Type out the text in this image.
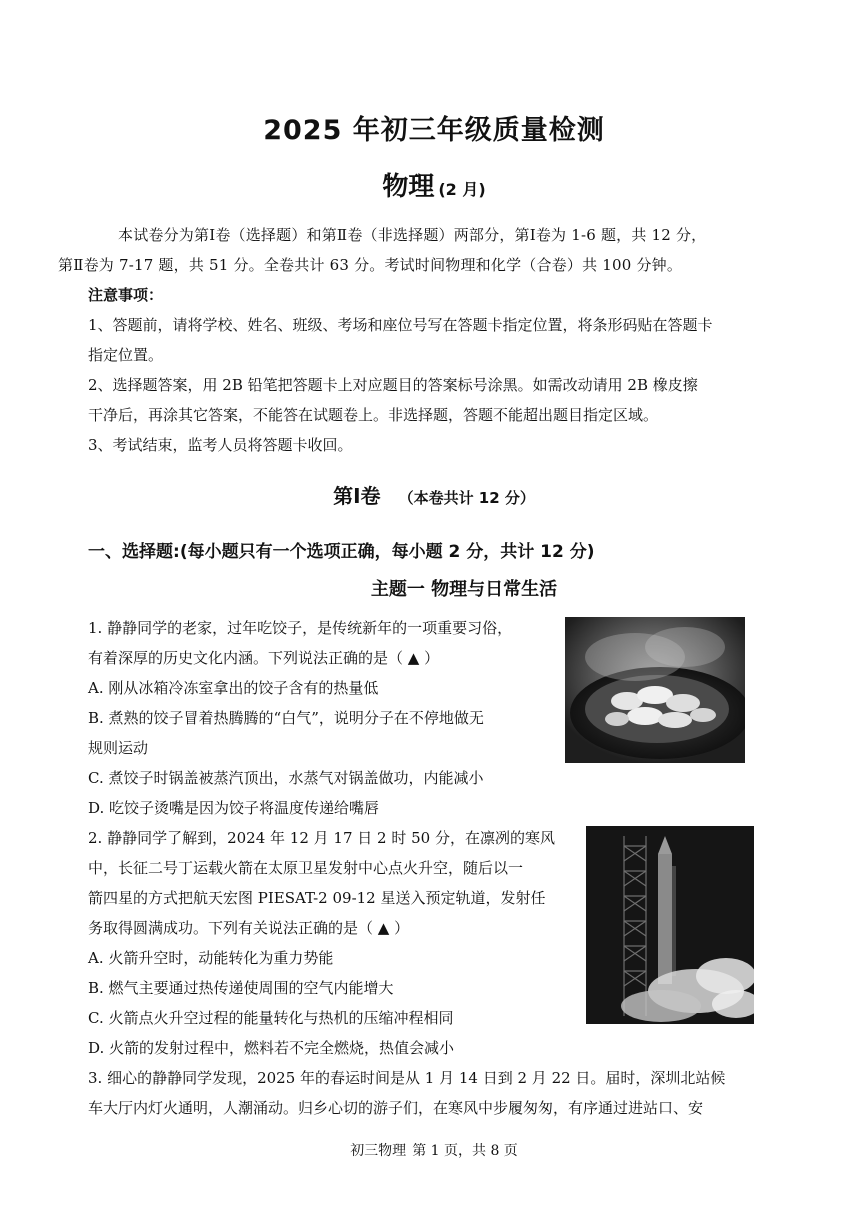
2025 年初三年级质量检测
物理 (2 月)
本试卷分为第Ⅰ卷（选择题）和第Ⅱ卷（非选择题）两部分，第Ⅰ卷为 1-6 题，共 12 分，
第Ⅱ卷为 7-17 题，共 51 分。全卷共计 63 分。考试时间物理和化学（合卷）共 100 分钟。
注意事项：
1、答题前，请将学校、姓名、班级、考场和座位号写在答题卡指定位置，将条形码贴在答题卡
指定位置。
2、选择题答案，用 2B 铅笔把答题卡上对应题目的答案标号涂黑。如需改动请用 2B 橡皮擦
干净后，再涂其它答案，不能答在试题卷上。非选择题，答题不能超出题目指定区域。
3、考试结束，监考人员将答题卡收回。
第Ⅰ卷 （本卷共计 12 分）
一、选择题:(每小题只有一个选项正确，每小题 2 分，共计 12 分)
主题一 物理与日常生活
1. 静静同学的老家，过年吃饺子，是传统新年的一项重要习俗，
有着深厚的历史文化内涵。下列说法正确的是（ ▲ ）
A. 刚从冰箱冷冻室拿出的饺子含有的热量低
B. 煮熟的饺子冒着热腾腾的“白气”，说明分子在不停地做无
规则运动
C. 煮饺子时锅盖被蒸汽顶出，水蒸气对锅盖做功，内能减小
D. 吃饺子烫嘴是因为饺子将温度传递给嘴唇
2. 静静同学了解到，2024 年 12 月 17 日 2 时 50 分，在凛冽的寒风
中，长征二号丁运载火箭在太原卫星发射中心点火升空，随后以一
箭四星的方式把航天宏图 PIESAT-2 09-12 星送入预定轨道，发射任
务取得圆满成功。下列有关说法正确的是（ ▲ ）
A. 火箭升空时，动能转化为重力势能
B. 燃气主要通过热传递使周围的空气内能增大
C. 火箭点火升空过程的能量转化与热机的压缩冲程相同
D. 火箭的发射过程中，燃料若不完全燃烧，热值会减小
3. 细心的静静同学发现，2025 年的春运时间是从 1 月 14 日到 2 月 22 日。届时，深圳北站候
车大厅内灯火通明，人潮涌动。归乡心切的游子们，在寒风中步履匆匆，有序通过进站口、安
初三物理 第 1 页，共 8 页
